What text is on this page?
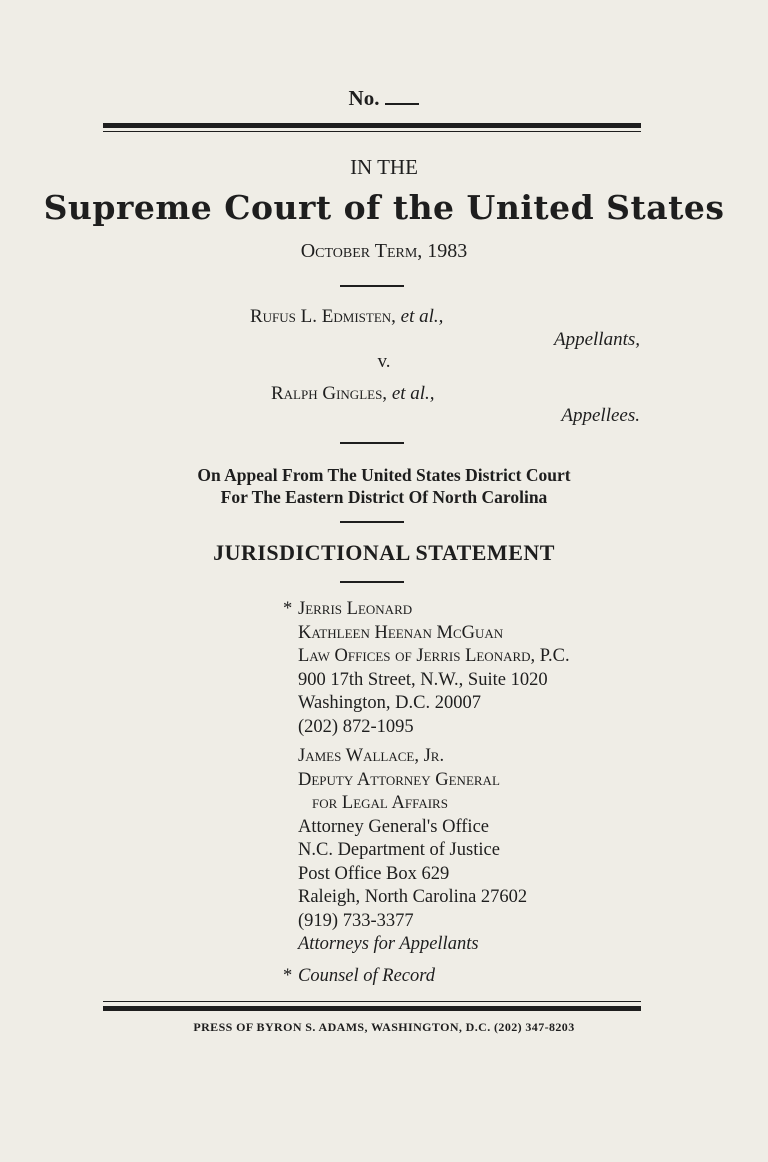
No.
IN THE
Supreme Court of the United States
October Term, 1983
Rufus L. Edmisten, et al.,
Appellants,
v.
Ralph Gingles, et al.,
Appellees.
On Appeal From The United States District Court
For The Eastern District Of North Carolina
JURISDICTIONAL STATEMENT
* Jerris Leonard
Kathleen Heenan McGuan
Law Offices of Jerris Leonard, P.C.
900 17th Street, N.W., Suite 1020
Washington, D.C. 20007
(202) 872-1095
James Wallace, Jr.
Deputy Attorney General
for Legal Affairs
Attorney General's Office
N.C. Department of Justice
Post Office Box 629
Raleigh, North Carolina 27602
(919) 733-3377
Attorneys for Appellants
* Counsel of Record
PRESS OF BYRON S. ADAMS, WASHINGTON, D.C. (202) 347-8203
